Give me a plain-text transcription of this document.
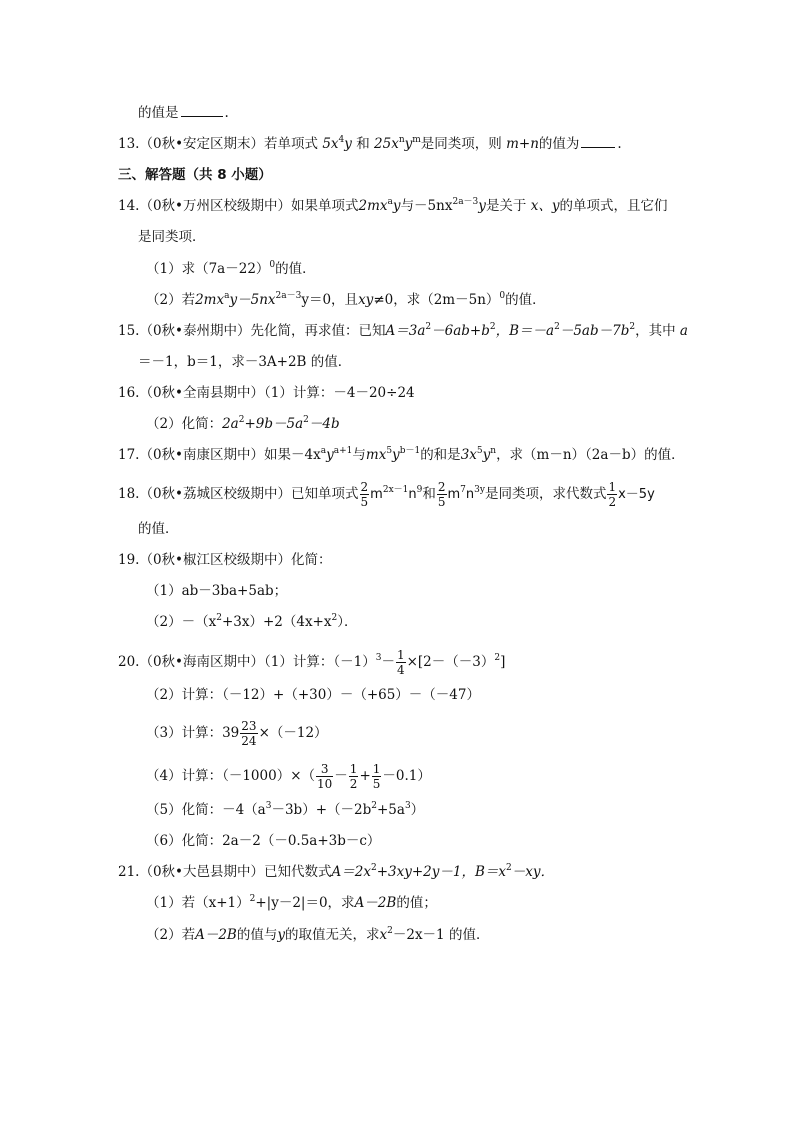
的值是	.
13.（0秋•安定区期末）若单项式 $5x^4y$ 和 $25x^ny^m$是同类项，则 m+n的值为	.
三、解答题（共 8 小题）
14.（0秋•万州区校级期中）如果单项式$2mx^ay$与$-5nx^{2a-3}y$是关于 x、y的单项式，且它们
是同类项．
（1）求$(7a-22)^0$的值．
（2）若$2mx^ay-5nx^{2a-3}y=0$，且xy≠0，求$(2m-5n)^0$的值．
15.（0秋•泰州期中）先化简，再求值：已知$A=3a^2-6ab+b^2$，$B=-a^2-5ab-7b^2$，其中 a
＝－1，b＝1，求－3A+2B 的值．
16.（0秋•全南县期中）（1）计算：－4－20÷24
（2）化简：$2a^2+9b-5a^2-4b$
17.（0秋•南康区期中）如果$-4x^ay^{a+1}$与$mx^5y^{b-1}$的和是$3x^5y^n$，求（m－n）（2a－b）的值．
18.（0秋•荔城区校级期中）已知单项式 $\frac{2}{5} m^{2x-1}n^9$和 $\frac{2}{5} m^7n^{3y}$是同类项，求代数式 $\frac{1}{2} x-5y$
的值．
19.（0秋•椒江区校级期中）化简：
（1）ab－3ba+5ab；
$(2)-(x^2+3x)+2(4x+x^2)$．
20.（0秋•海南区期中）（1）计算：$(-1)^3- \frac{1}{4} \times[2-(-3)^2]$
（2）计算：（－12）+（+30）－（+65）－（－47）
（3）计算：$39 \frac{23}{24} \times(-12)$
（4）计算：$(-1000)\times( \frac{3}{10} - \frac{1}{2} + \frac{1}{5} -0.1)$
（5）化简：$-4(a^3-3b)+(-2b^2+5a^3)$
（6）化简：2a－2（－0.5a+3b－c）
21.（0秋•大邑县期中）已知代数式$A=2x^2+3xy+2y-1$，$B=x^2-xy$．
（1）若$(x+1)^2+|y-2|=0$，求A－2B的值；
（2）若A－2B的值与y的取值无关，求$x^2-2x-1$ 的值．
